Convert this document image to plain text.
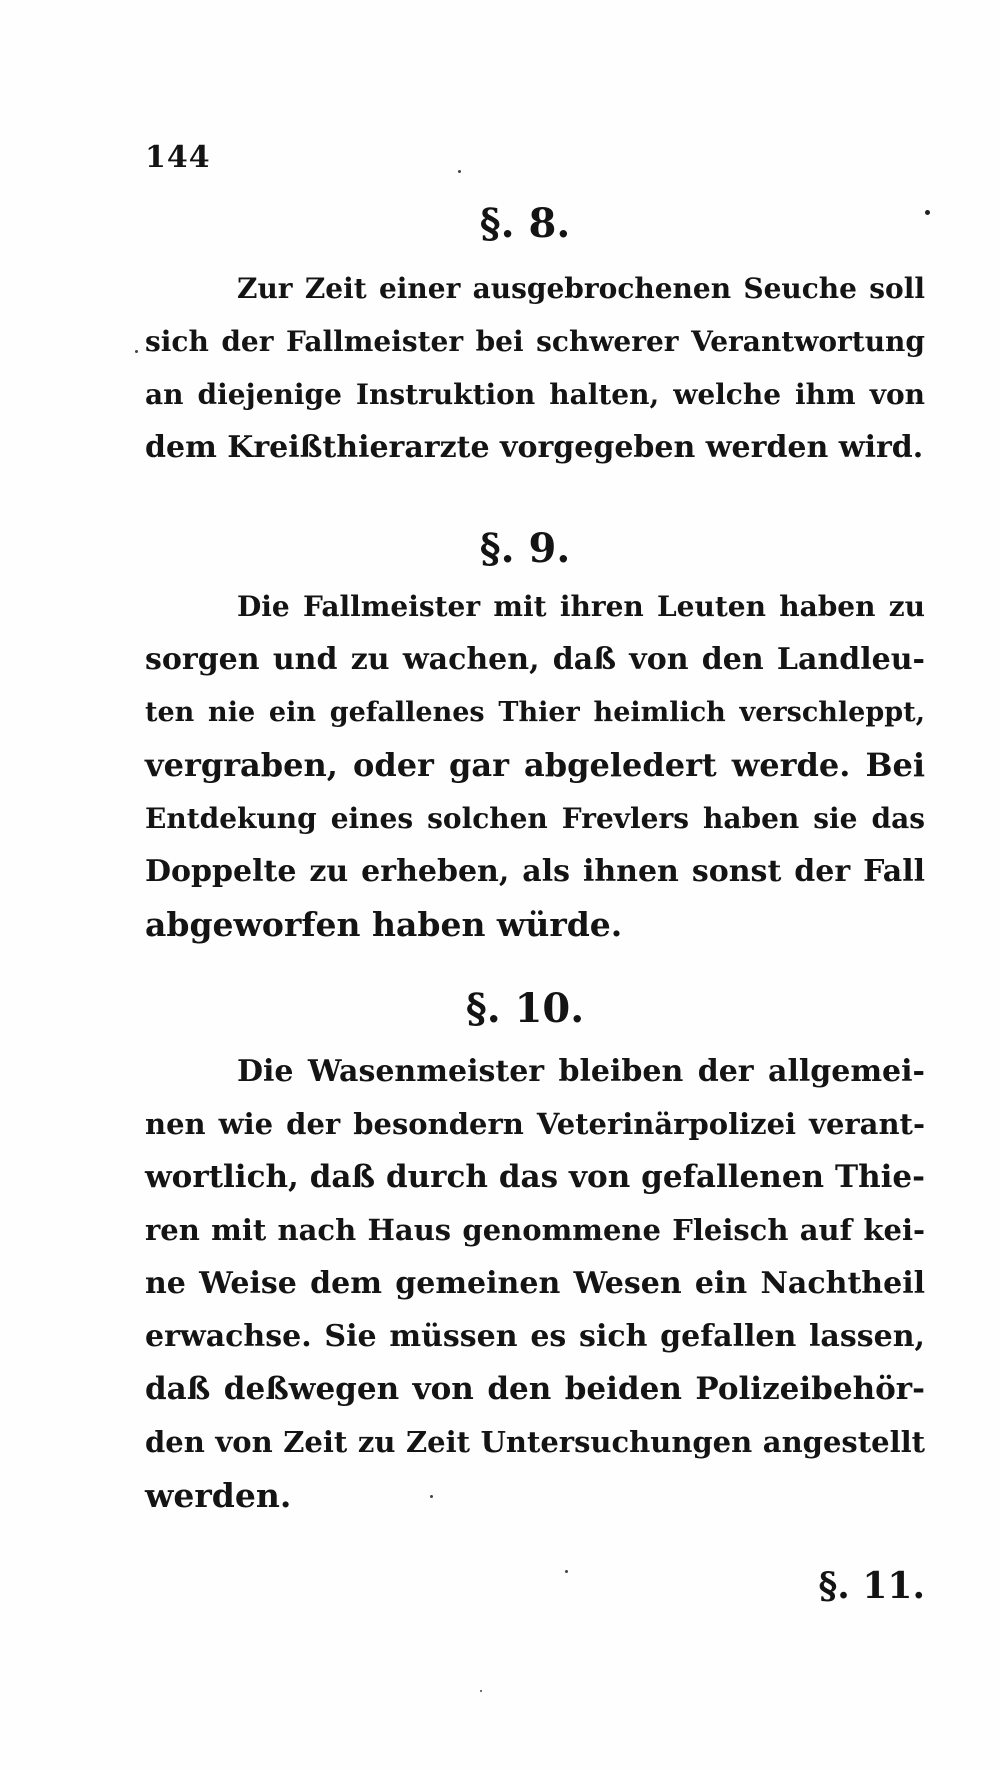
144
§. 8.
Zur Zeit einer ausgebrochenen Seuche soll
sich der Fallmeister bei schwerer Verantwortung
an diejenige Instruktion halten, welche ihm von
dem Kreißthierarzte vorgegeben werden wird.
§. 9.
Die Fallmeister mit ihren Leuten haben zu
sorgen und zu wachen, daß von den Landleu-
ten nie ein gefallenes Thier heimlich verschleppt,
vergraben, oder gar abgeledert werde. Bei
Entdekung eines solchen Frevlers haben sie das
Doppelte zu erheben, als ihnen sonst der Fall
abgeworfen haben würde.
§. 10.
Die Wasenmeister bleiben der allgemei-
nen wie der besondern Veterinärpolizei verant-
wortlich, daß durch das von gefallenen Thie-
ren mit nach Haus genommene Fleisch auf kei-
ne Weise dem gemeinen Wesen ein Nachtheil
erwachse. Sie müssen es sich gefallen lassen,
daß deßwegen von den beiden Polizeibehör-
den von Zeit zu Zeit Untersuchungen angestellt
werden.
§. 11.
